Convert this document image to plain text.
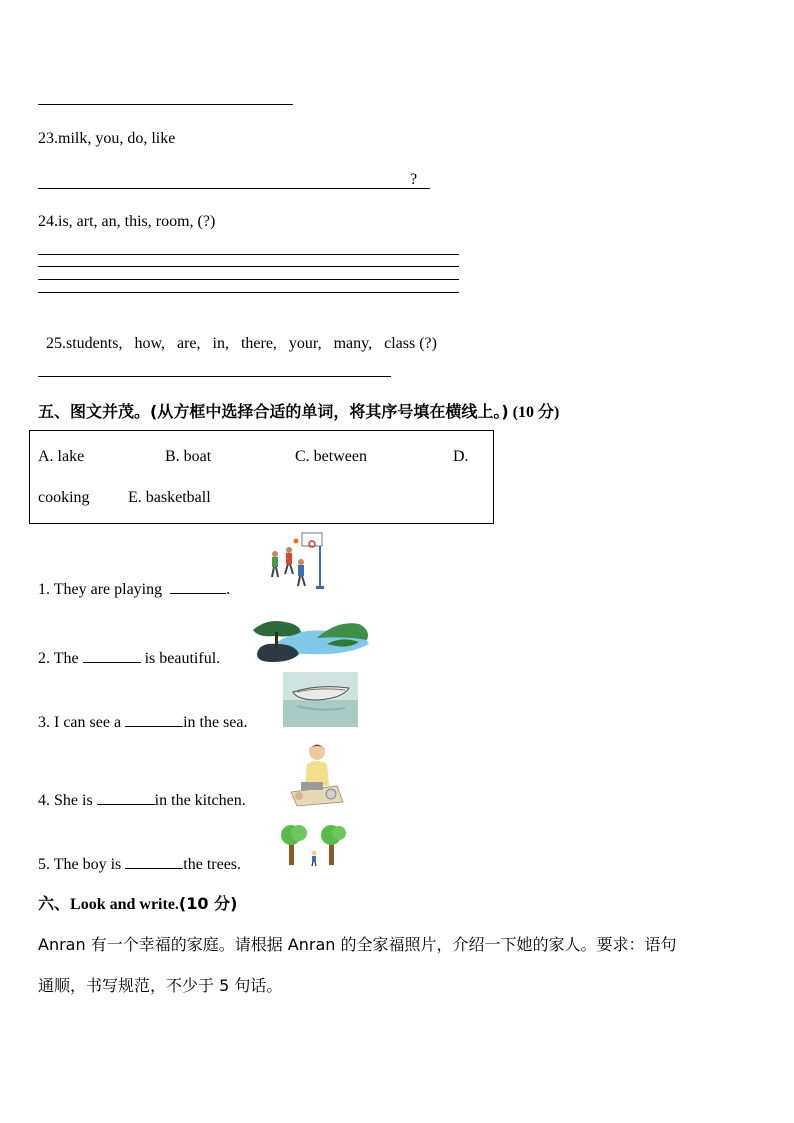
23.milk, you, do, like
?
24.is, art, an, this, room, (?)

25.students,   how,   are,   in,   there,   your,   many,   class (?)

五、图文并茂。(从方框中选择合适的单词，将其序号填在横线上。) (10 分)
A. lake	B. boat	C. between	D.
cooking E. basketball
1. They are playing	.
2. The	is beautiful.
3. I can see a	in the sea.
4. She is	in the kitchen.
5. The boy is	the trees.
六、Look and write.(10 分)
Anran 有一个幸福的家庭。请根据 Anran 的全家福照片，介绍一下她的家人。要求：语句
通顺，书写规范，不少于 5 句话。
